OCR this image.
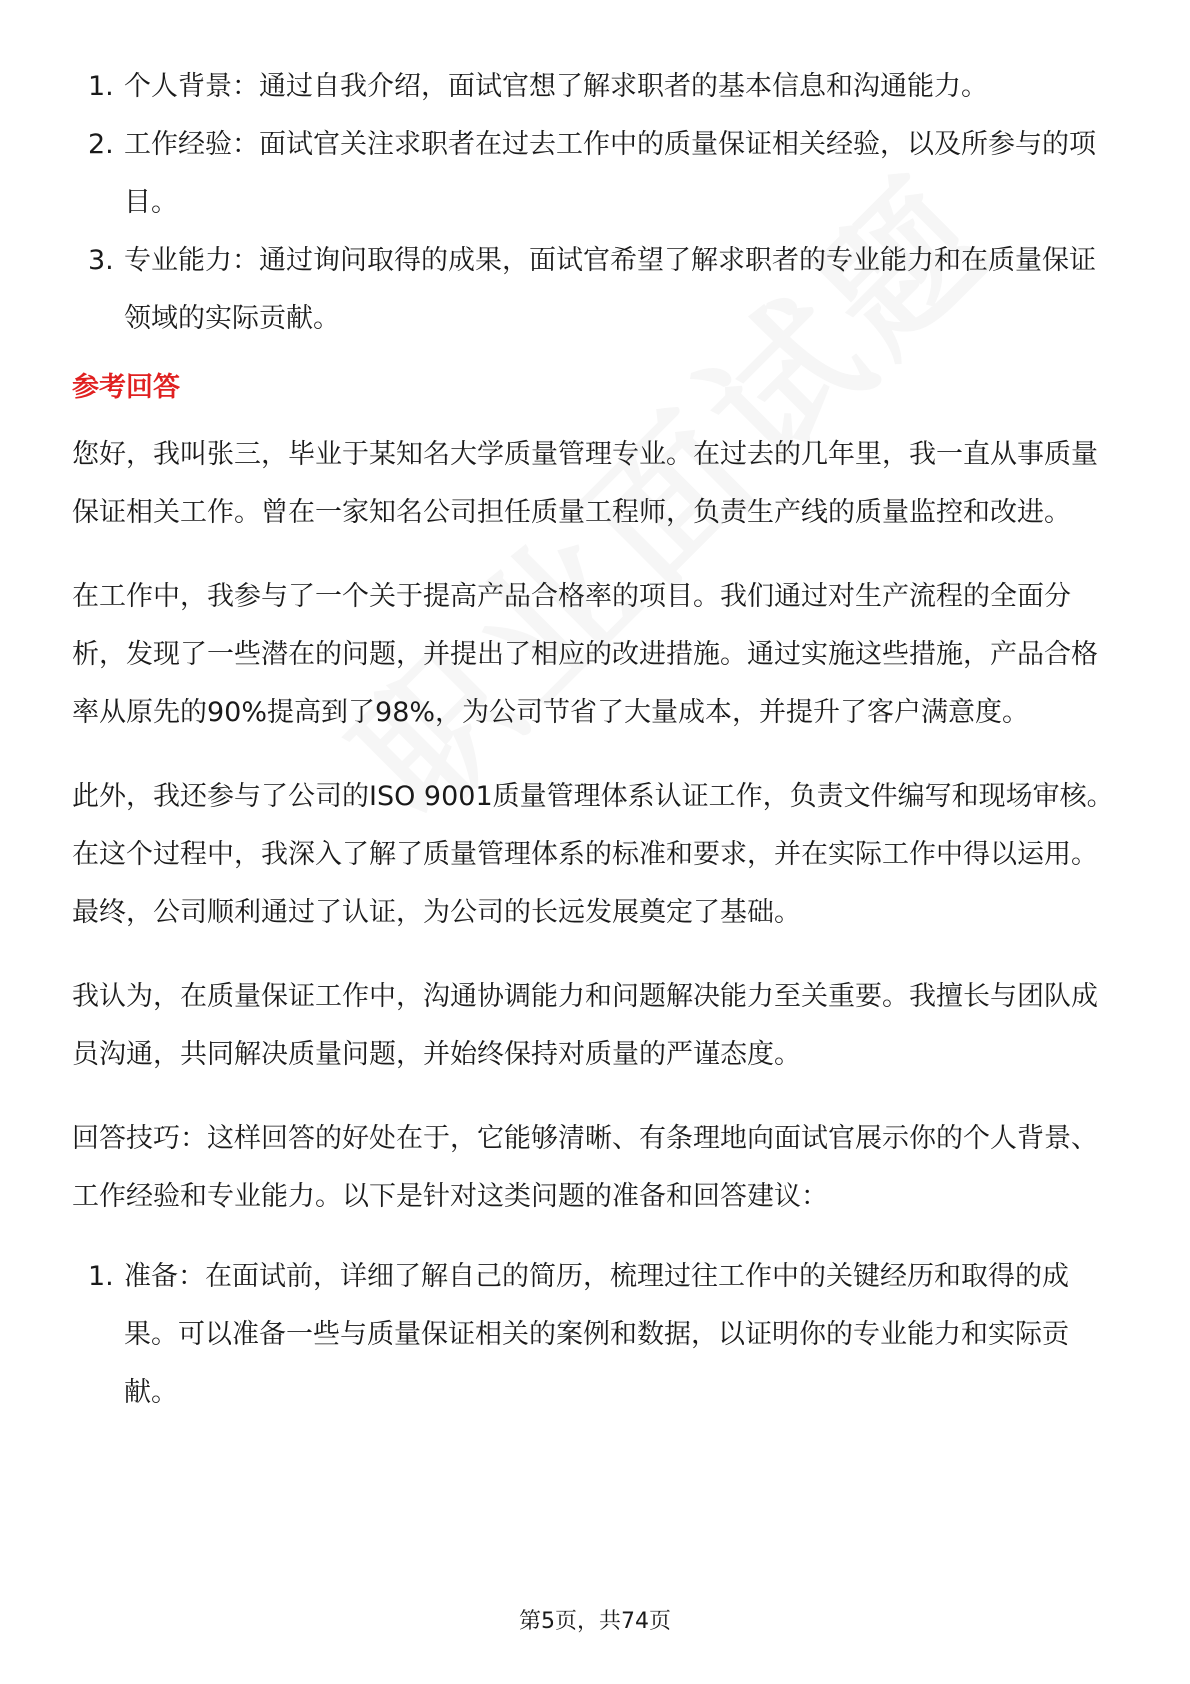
1. 个人背景：通过自我介绍，面试官想了解求职者的基本信息和沟通能力。
2. 工作经验：面试官关注求职者在过去工作中的质量保证相关经验，以及所参与的项目。
3. 专业能力：通过询问取得的成果，面试官希望了解求职者的专业能力和在质量保证领域的实际贡献。
参考回答

您好，我叫张三，毕业于某知名大学质量管理专业。在过去的几年里，我一直从事质量保证相关工作。曾在一家知名公司担任质量工程师，负责生产线的质量监控和改进。

在工作中，我参与了一个关于提高产品合格率的项目。我们通过对生产流程的全面分析，发现了一些潜在的问题，并提出了相应的改进措施。通过实施这些措施，产品合格率从原先的90%提高到了98%，为公司节省了大量成本，并提升了客户满意度。

此外，我还参与了公司的ISO 9001质量管理体系认证工作，负责文件编写和现场审核。在这个过程中，我深入了解了质量管理体系的标准和要求，并在实际工作中得以运用。最终，公司顺利通过了认证，为公司的长远发展奠定了基础。

我认为，在质量保证工作中，沟通协调能力和问题解决能力至关重要。我擅长与团队成员沟通，共同解决质量问题，并始终保持对质量的严谨态度。

回答技巧：这样回答的好处在于，它能够清晰、有条理地向面试官展示你的个人背景、工作经验和专业能力。以下是针对这类问题的准备和回答建议：

1. 准备：在面试前，详细了解自己的简历，梳理过往工作中的关键经历和取得的成果。可以准备一些与质量保证相关的案例和数据，以证明你的专业能力和实际贡献。
第5页，共74页
